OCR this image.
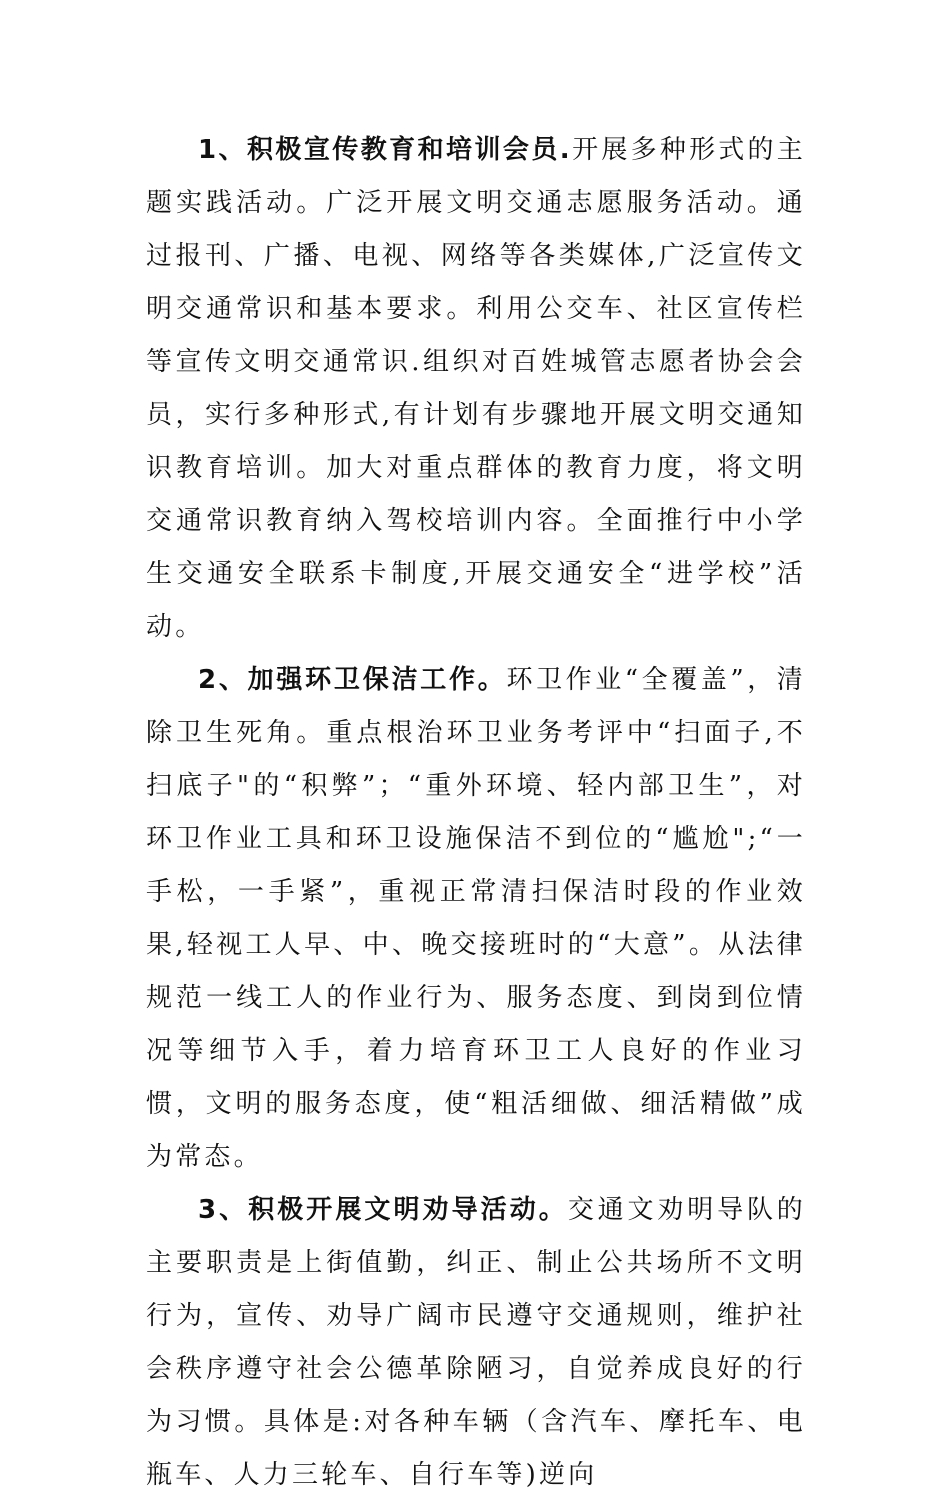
1、积极宣传教育和培训会员.开展多种形式的主题实践活动。广泛开展文明交通志愿服务活动。通过报刊、广播、电视、网络等各类媒体,广泛宣传文明交通常识和基本要求。利用公交车、社区宣传栏等宣传文明交通常识.组织对百姓城管志愿者协会会员，实行多种形式,有计划有步骤地开展文明交通知识教育培训。加大对重点群体的教育力度，将文明交通常识教育纳入驾校培训内容。全面推行中小学生交通安全联系卡制度,开展交通安全“进学校”活动。

2、加强环卫保洁工作。环卫作业“全覆盖”，清除卫生死角。重点根治环卫业务考评中“扫面子,不扫底子"的“积弊”；“重外环境、轻内部卫生”，对环卫作业工具和环卫设施保洁不到位的“尴尬";“一手松，一手紧”，重视正常清扫保洁时段的作业效果,轻视工人早、中、晚交接班时的“大意”。从法律规范一线工人的作业行为、服务态度、到岗到位情况等细节入手，着力培育环卫工人良好的作业习惯，文明的服务态度，使“粗活细做、细活精做”成为常态。

3、积极开展文明劝导活动。交通文劝明导队的主要职责是上街值勤，纠正、制止公共场所不文明行为，宣传、劝导广阔市民遵守交通规则，维护社会秩序遵守社会公德革除陋习，自觉养成良好的行为习惯。具体是:对各种车辆（含汽车、摩托车、电瓶车、人力三轮车、自行车等)逆向
